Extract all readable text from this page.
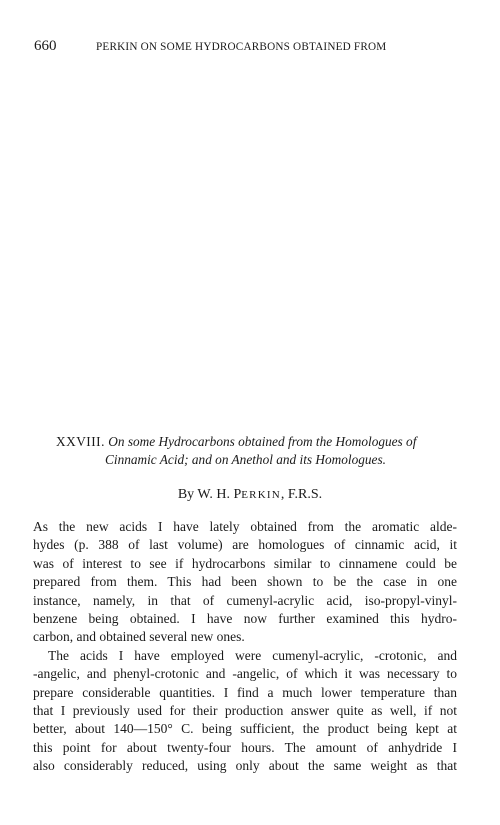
660	PERKIN ON SOME HYDROCARBONS OBTAINED FROM
XXVIII. On some Hydrocarbons obtained from the Homologues of
Cinnamic Acid; and on Anethol and its Homologues.
By W. H. PERKIN, F.R.S.
As the new acids I have lately obtained from the aromatic alde-
hydes (p. 388 of last volume) are homologues of cinnamic acid, it
was of interest to see if hydrocarbons similar to cinnamene could be
prepared from them. This had been shown to be the case in one
instance, namely, in that of cumenyl-acrylic acid, iso-propyl-vinyl-
benzene being obtained. I have now further examined this hydro-
carbon, and obtained several new ones.
The acids I have employed were cumenyl-acrylic, -crotonic, and
-angelic, and phenyl-crotonic and -angelic, of which it was necessary to
prepare considerable quantities. I find a much lower temperature than
that I previously used for their production answer quite as well, if not
better, about 140—150° C. being sufficient, the product being kept at
this point for about twenty-four hours. The amount of anhydride I
also considerably reduced, using only about the same weight as that
